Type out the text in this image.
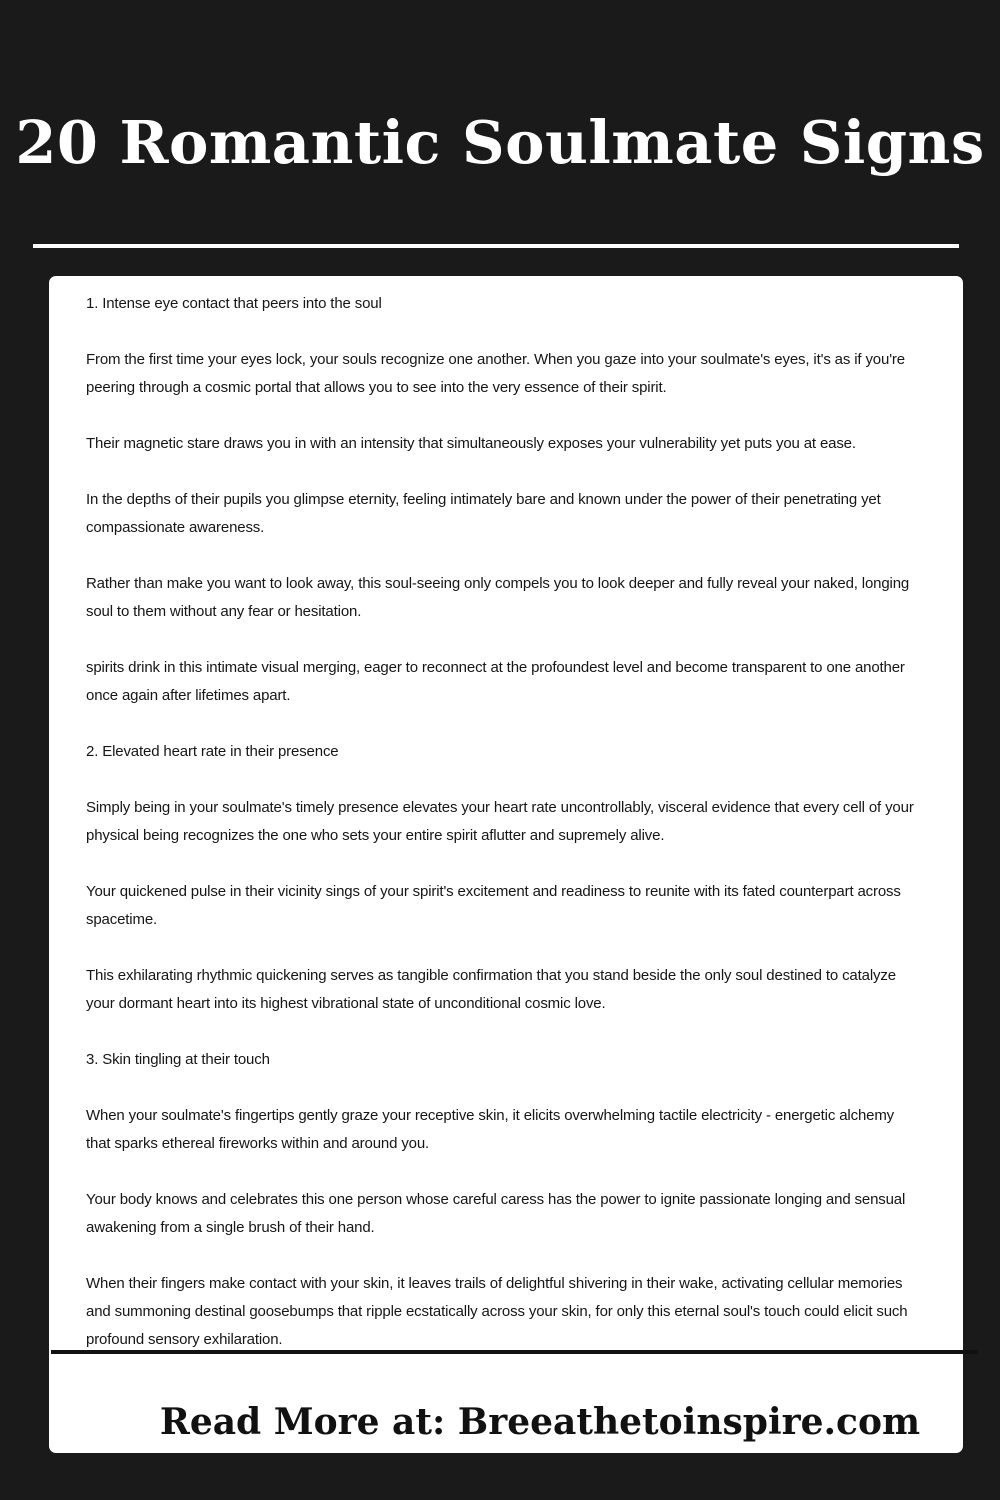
20 Romantic Soulmate Signs

1. Intense eye contact that peers into the soul

From the first time your eyes lock, your souls recognize one another. When you gaze into your soulmate's eyes, it's as if you're peering through a cosmic portal that allows you to see into the very essence of their spirit.

Their magnetic stare draws you in with an intensity that simultaneously exposes your vulnerability yet puts you at ease.

In the depths of their pupils you glimpse eternity, feeling intimately bare and known under the power of their penetrating yet compassionate awareness.

Rather than make you want to look away, this soul-seeing only compels you to look deeper and fully reveal your naked, longing soul to them without any fear or hesitation.

spirits drink in this intimate visual merging, eager to reconnect at the profoundest level and become transparent to one another once again after lifetimes apart.

2. Elevated heart rate in their presence

Simply being in your soulmate's timely presence elevates your heart rate uncontrollably, visceral evidence that every cell of your physical being recognizes the one who sets your entire spirit aflutter and supremely alive.

Your quickened pulse in their vicinity sings of your spirit's excitement and readiness to reunite with its fated counterpart across spacetime.

This exhilarating rhythmic quickening serves as tangible confirmation that you stand beside the only soul destined to catalyze your dormant heart into its highest vibrational state of unconditional cosmic love.

3. Skin tingling at their touch

When your soulmate's fingertips gently graze your receptive skin, it elicits overwhelming tactile electricity - energetic alchemy that sparks ethereal fireworks within and around you.

Your body knows and celebrates this one person whose careful caress has the power to ignite passionate longing and sensual awakening from a single brush of their hand.

When their fingers make contact with your skin, it leaves trails of delightful shivering in their wake, activating cellular memories and summoning destinal goosebumps that ripple ecstatically across your skin, for only this eternal soul's touch could elicit such profound sensory exhilaration.

Read More at: Breeathetoinspire.com
